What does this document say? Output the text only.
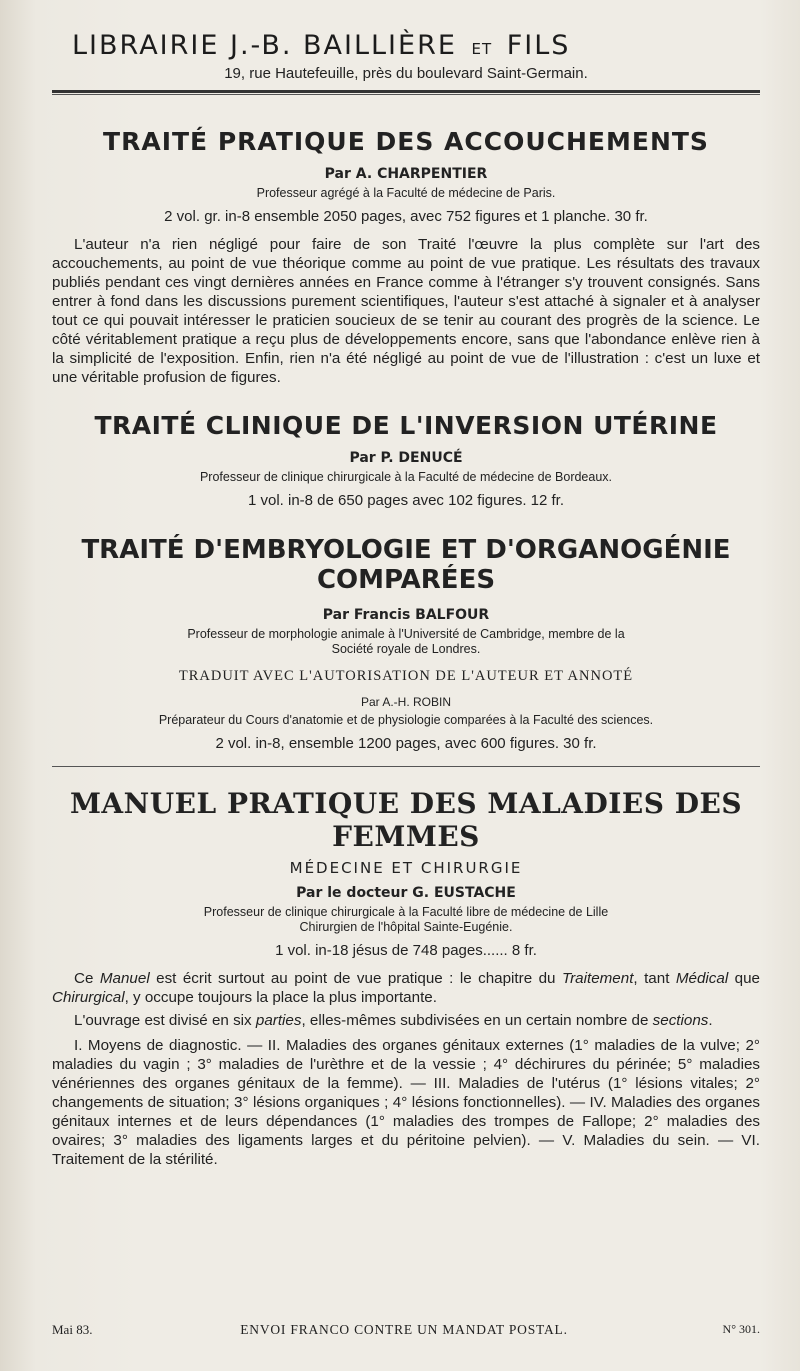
LIBRAIRIE J.-B. BAILLIÈRE ET FILS

19, rue Hautefeuille, près du boulevard Saint-Germain.

TRAITÉ PRATIQUE DES ACCOUCHEMENTS

Par A. CHARPENTIER

Professeur agrégé à la Faculté de médecine de Paris.

2 vol. gr. in-8 ensemble 2050 pages, avec 752 figures et 1 planche. 30 fr.

L'auteur n'a rien négligé pour faire de son Traité l'œuvre la plus complète sur l'art des accouchements, au point de vue théorique comme au point de vue pratique. Les résultats des travaux publiés pendant ces vingt dernières années en France comme à l'étranger s'y trouvent consignés. Sans entrer à fond dans les discussions purement scientifiques, l'auteur s'est attaché à signaler et à analyser tout ce qui pouvait intéresser le praticien soucieux de se tenir au courant des progrès de la science. Le côté véritablement pratique a reçu plus de développements encore, sans que l'abondance enlève rien à la simplicité de l'exposition. Enfin, rien n'a été négligé au point de vue de l'illustration : c'est un luxe et une véritable profusion de figures.

TRAITÉ CLINIQUE DE L'INVERSION UTÉRINE

Par P. DENUCÉ

Professeur de clinique chirurgicale à la Faculté de médecine de Bordeaux.

1 vol. in-8 de 650 pages avec 102 figures. 12 fr.

TRAITÉ D'EMBRYOLOGIE ET D'ORGANOGÉNIE COMPARÉES

Par Francis BALFOUR

Professeur de morphologie animale à l'Université de Cambridge, membre de la

Société royale de Londres.

TRADUIT AVEC L'AUTORISATION DE L'AUTEUR ET ANNOTÉ

Par A.-H. ROBIN

Préparateur du Cours d'anatomie et de physiologie comparées à la Faculté des sciences.

2 vol. in-8, ensemble 1200 pages, avec 600 figures. 30 fr.

MANUEL PRATIQUE DES MALADIES DES FEMMES

MÉDECINE ET CHIRURGIE

Par le docteur G. EUSTACHE

Professeur de clinique chirurgicale à la Faculté libre de médecine de Lille

Chirurgien de l'hôpital Sainte-Eugénie.

1 vol. in-18 jésus de 748 pages...... 8 fr.

Ce Manuel est écrit surtout au point de vue pratique : le chapitre du Traitement, tant Médical que Chirurgical, y occupe toujours la place la plus importante.

L'ouvrage est divisé en six parties, elles-mêmes subdivisées en un certain nombre de sections.

I. Moyens de diagnostic. — II. Maladies des organes génitaux externes (1° maladies de la vulve; 2° maladies du vagin ; 3° maladies de l'urèthre et de la vessie ; 4° déchirures du périnée; 5° maladies vénériennes des organes génitaux de la femme). — III. Maladies de l'utérus (1° lésions vitales; 2° changements de situation; 3° lésions organiques ; 4° lésions fonctionnelles). — IV. Maladies des organes génitaux internes et de leurs dépendances (1° maladies des trompes de Fallope; 2° maladies des ovaires; 3° maladies des ligaments larges et du péritoine pelvien). — V. Maladies du sein. — VI. Traitement de la stérilité.

Mai 83.	ENVOI FRANCO CONTRE UN MANDAT POSTAL.	N° 301.
